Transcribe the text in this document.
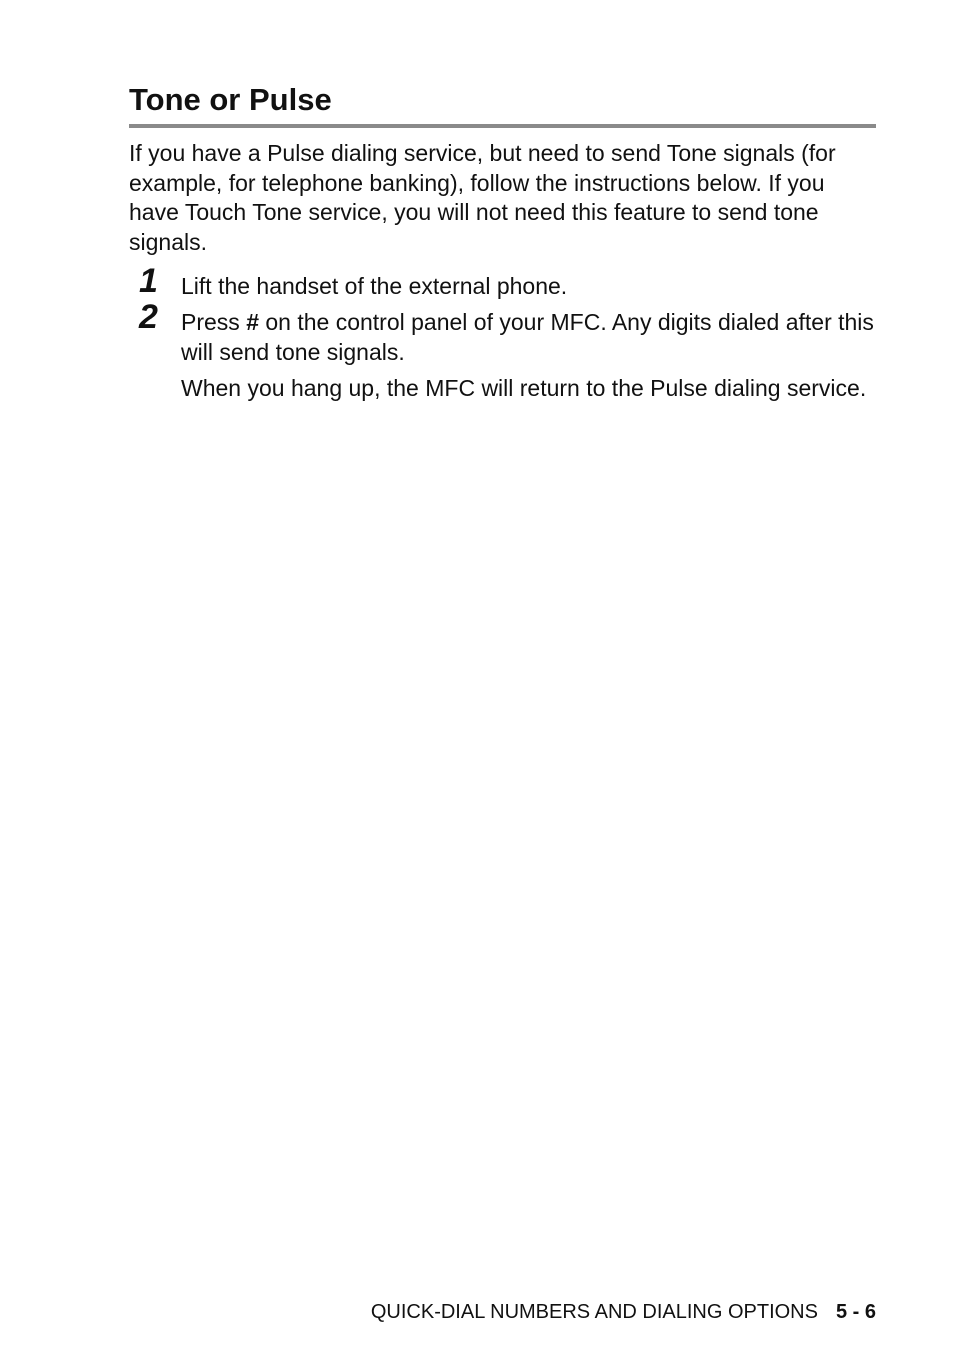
Tone or Pulse

If you have a Pulse dialing service, but need to send Tone signals (for example, for telephone banking), follow the instructions below. If you have Touch Tone service, you will not need this feature to send tone signals.

1 Lift the handset of the external phone.

2 Press # on the control panel of your MFC. Any digits dialed after this will send tone signals.

When you hang up, the MFC will return to the Pulse dialing service.

QUICK-DIAL NUMBERS AND DIALING OPTIONS 5 - 6
